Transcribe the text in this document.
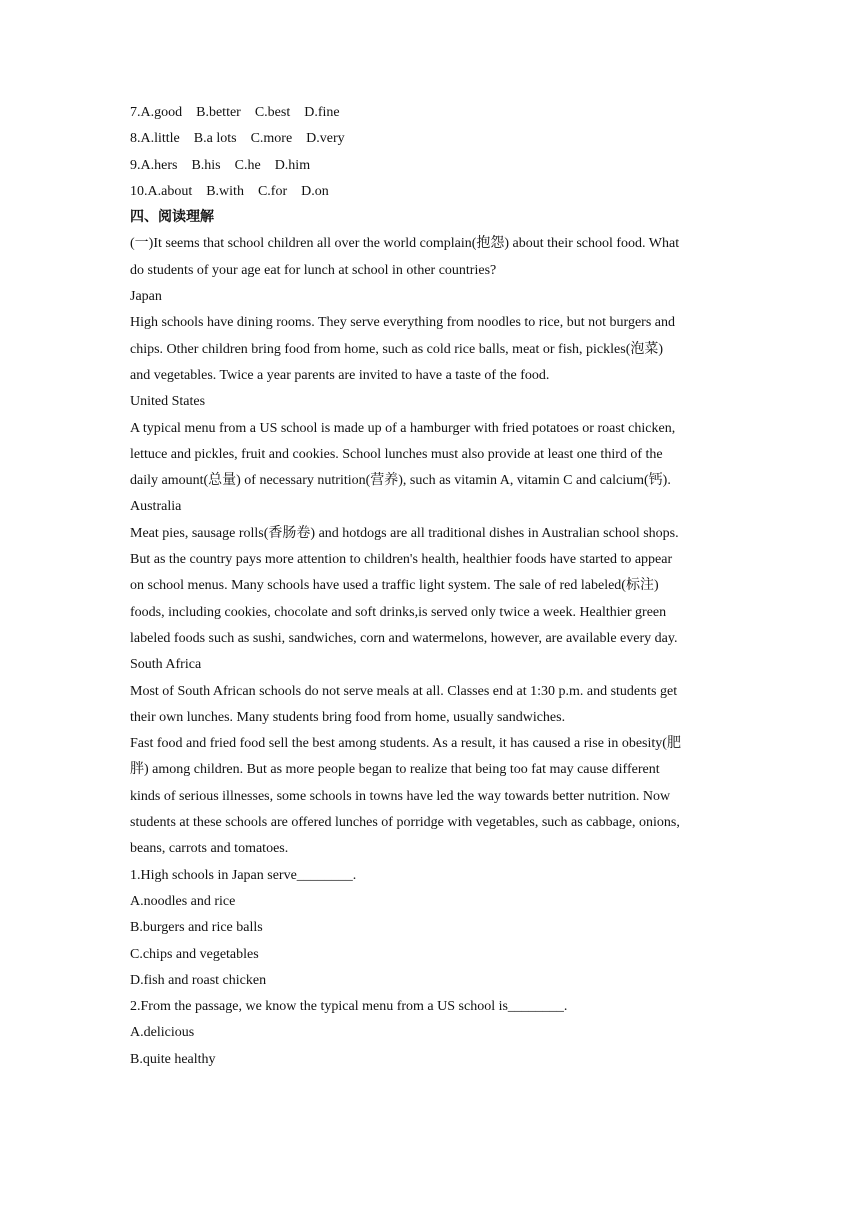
7.A.good B.better C.best D.fine
8.A.little B.a lots C.more D.very
9.A.hers B.his C.he D.him
10.A.about B.with C.for D.on
四、阅读理解
(一)It seems that school children all over the world complain(抱怨) about their school food. What
do students of your age eat for lunch at school in other countries?
Japan
High schools have dining rooms. They serve everything from noodles to rice, but not burgers and
chips. Other children bring food from home, such as cold rice balls, meat or fish, pickles(泡菜)
and vegetables. Twice a year parents are invited to have a taste of the food.
United States
A typical menu from a US school is made up of a hamburger with fried potatoes or roast chicken,
lettuce and pickles, fruit and cookies. School lunches must also provide at least one third of the
daily amount(总量) of necessary nutrition(营养), such as vitamin A, vitamin C and calcium(钙).
Australia
Meat pies, sausage rolls(香肠卷) and hotdogs are all traditional dishes in Australian school shops.
But as the country pays more attention to children's health, healthier foods have started to appear
on school menus. Many schools have used a traffic light system. The sale of red labeled(标注)
foods, including cookies, chocolate and soft drinks,is served only twice a week. Healthier green
labeled foods such as sushi, sandwiches, corn and watermelons, however, are available every day.
South Africa
Most of South African schools do not serve meals at all. Classes end at 1:30 p.m. and students get
their own lunches. Many students bring food from home, usually sandwiches.
Fast food and fried food sell the best among students. As a result, it has caused a rise in obesity(肥
胖) among children. But as more people began to realize that being too fat may cause different
kinds of serious illnesses, some schools in towns have led the way towards better nutrition. Now
students at these schools are offered lunches of porridge with vegetables, such as cabbage, onions,
beans, carrots and tomatoes.
1.High schools in Japan serve________.
A.noodles and rice
B.burgers and rice balls
C.chips and vegetables
D.fish and roast chicken
2.From the passage, we know the typical menu from a US school is________.
A.delicious
B.quite healthy
